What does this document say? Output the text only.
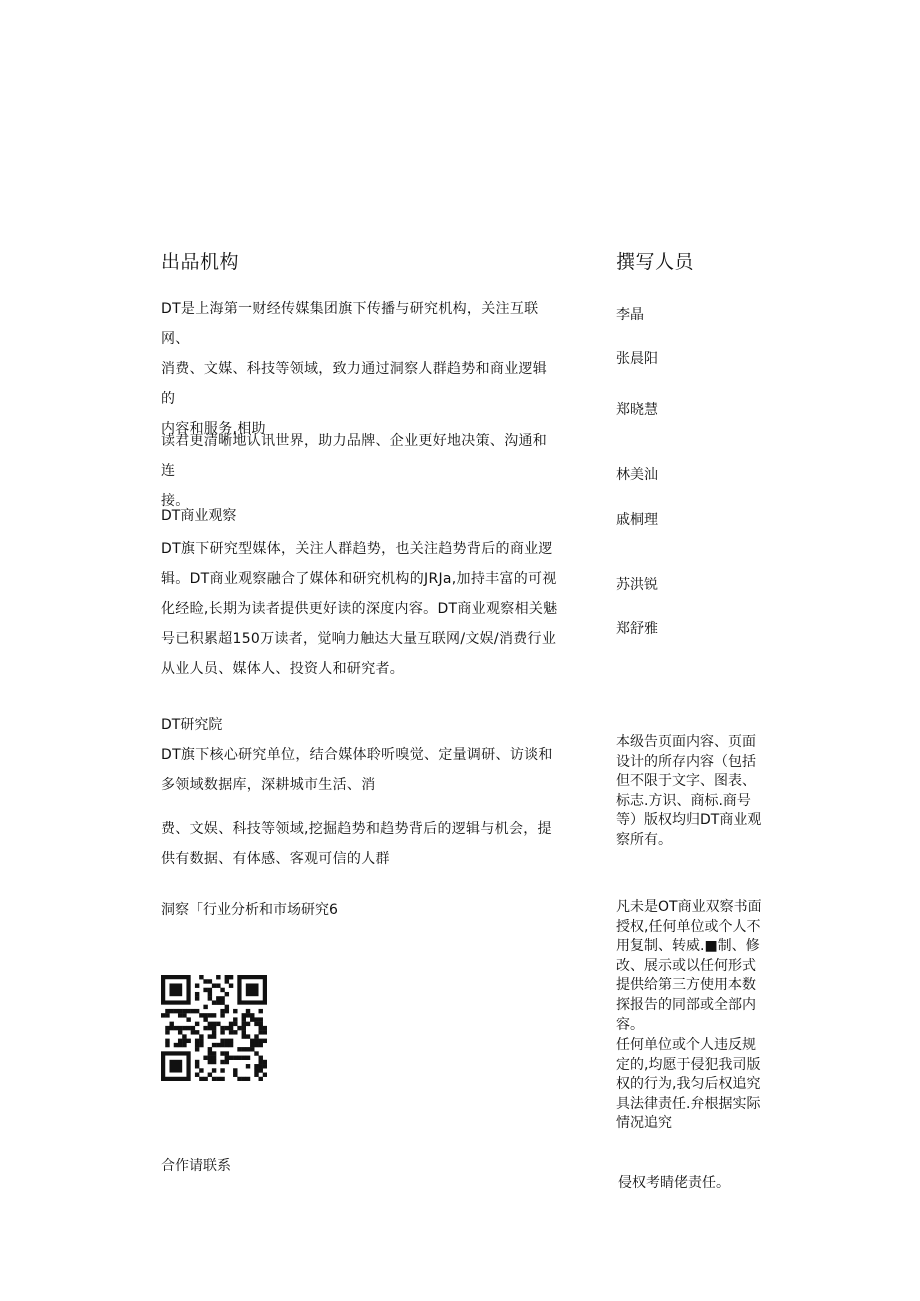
出品机构
DT是上海第一财经传媒集团旗下传播与研究机构，关注互联网、
消费、文媒、科技等领域，致力通过洞察人群趋势和商业逻辑的
内容和服务,相助
读君更清晰地认讯世界，助力品牌、企业更好地决策、沟通和连
接。
DT商业观察
DT旗下研究型媒体，关注人群趋势，也关注趋势背后的商业逻
辑。DT商业观察融合了媒体和研究机构的JRJa,加持丰富的可视
化经睑,长期为读者提供更好读的深度内容。DT商业观察相关魅
号已积累超150万读者，觉响力触达大量互联网/文娱/消费行业
从业人员、媒体人、投资人和研究者。
DT研究院
DT旗下核心研究单位，结合媒体聆听嗅觉、定量调研、访谈和
多领域数据库，深耕城市生活、消
费、文娱、科技等领域,挖掘趋势和趋势背后的逻辑与机会，提
供有数据、有体感、客观可信的人群
洞察「行业分析和市场研究6
合作请联系
撰写人员
李晶
张晨阳
郑晓慧
林美汕
戚桐理
苏洪锐
郑舒雅
本级告页面内容、页面设计的所存内容（包括但不限于文字、图表、标志.方识、商标.商号等）版权均归DT商业观察所有。
凡未是OT商业双察书面授权,任何单位或个人不用复制、转威.■制、修改、展示或以任何形式提供给第三方使用本数探报告的同部或全部内容。
任何单位或个人违反规定的,均愿于侵犯我司版权的行为,我匀后权追究具法律责任.弁根据实际情况追究
侵权考睛佬责任。
